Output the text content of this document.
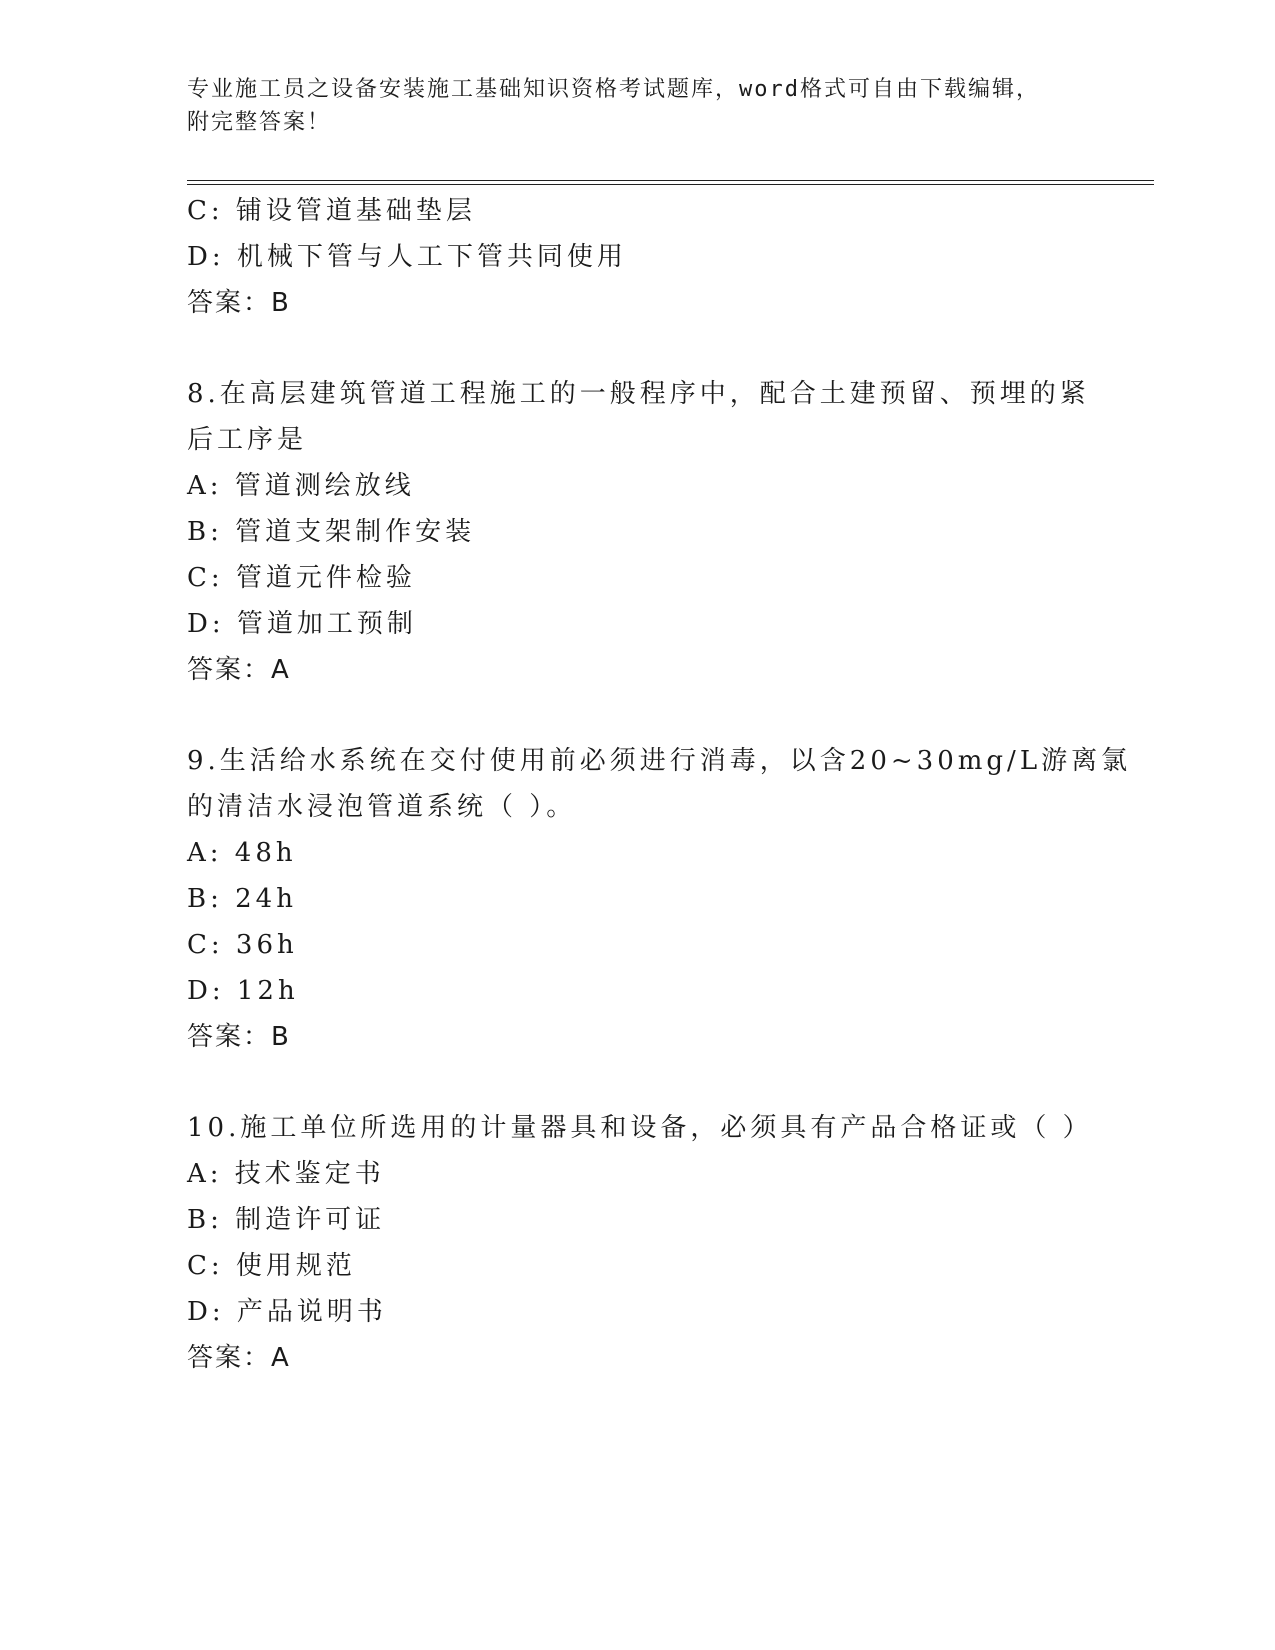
专业施工员之设备安装施工基础知识资格考试题库，word格式可自由下载编辑，
附完整答案！
C: 铺设管道基础垫层
D: 机械下管与人工下管共同使用
答案：B
8.在高层建筑管道工程施工的一般程序中，配合土建预留、预埋的紧
后工序是
A: 管道测绘放线
B: 管道支架制作安装
C: 管道元件检验
D: 管道加工预制
答案：A
9.生活给水系统在交付使用前必须进行消毒，以含20~30mg/L游离氯
的清洁水浸泡管道系统（ ）。
A: 48h
B: 24h
C: 36h
D: 12h
答案：B
10.施工单位所选用的计量器具和设备，必须具有产品合格证或（ ）
A: 技术鉴定书
B: 制造许可证
C: 使用规范
D: 产品说明书
答案：A
